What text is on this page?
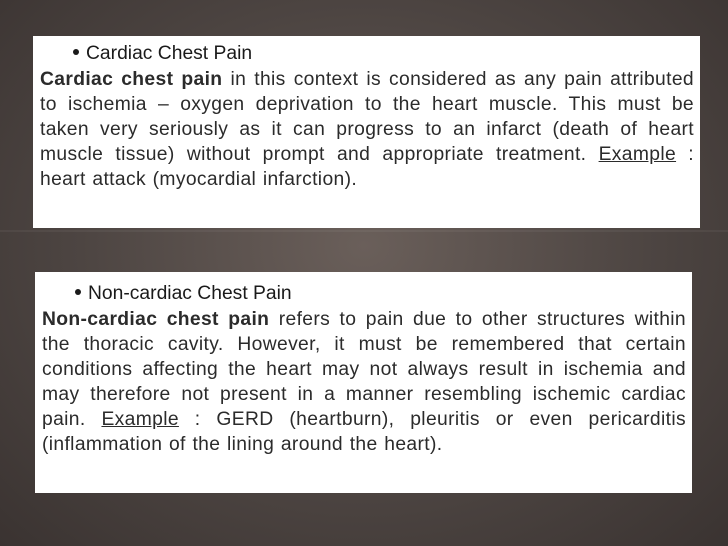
Cardiac Chest Pain

Cardiac chest pain in this context is considered as any pain attributed to ischemia – oxygen deprivation to the heart muscle. This must be taken very seriously as it can progress to an infarct (death of heart muscle tissue) without prompt and appropriate treatment. Example : heart attack (myocardial infarction).

Non-cardiac Chest Pain

Non-cardiac chest pain refers to pain due to other structures within the thoracic cavity. However, it must be remembered that certain conditions affecting the heart may not always result in ischemia and may therefore not present in a manner resembling ischemic cardiac pain. Example : GERD (heartburn), pleuritis or even pericarditis (inflammation of the lining around the heart).
